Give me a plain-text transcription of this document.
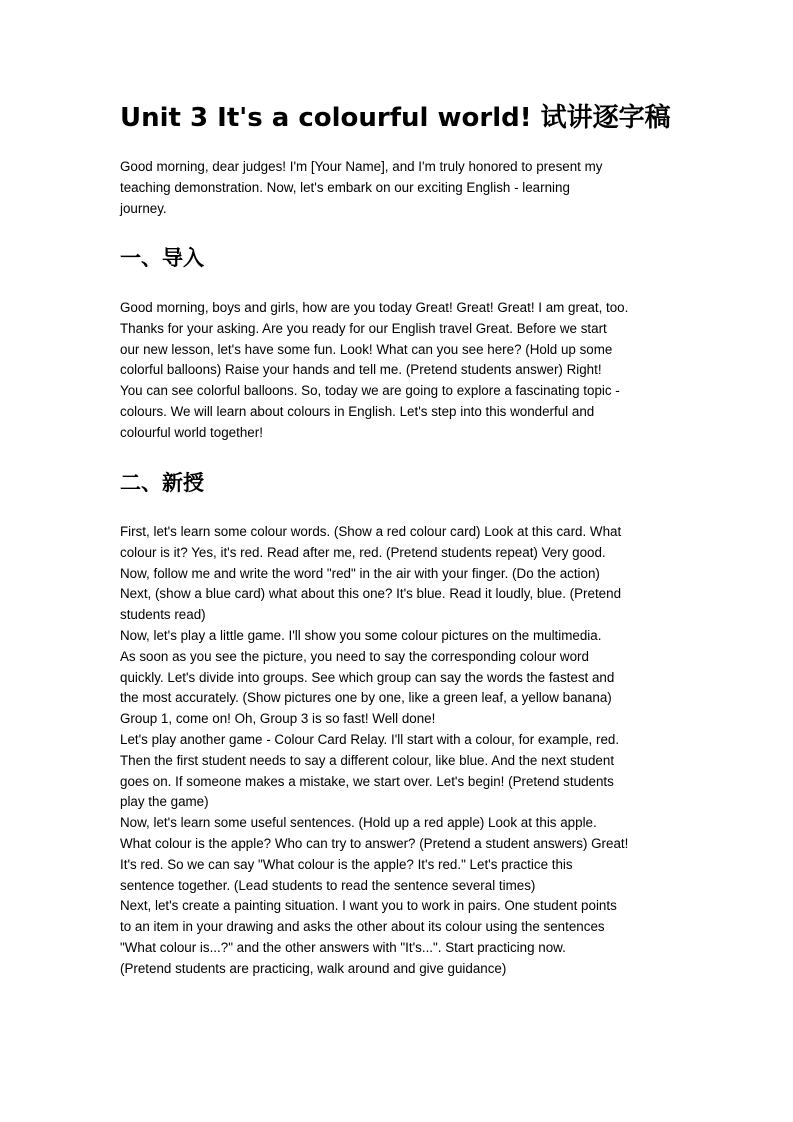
Unit 3 It's a colourful world! 试讲逐字稿
Good morning, dear judges! I'm [Your Name], and I'm truly honored to present my
teaching demonstration. Now, let's embark on our exciting English - learning
journey.
一、导入
Good morning, boys and girls, how are you today Great! Great! Great! I am great, too.
Thanks for your asking. Are you ready for our English travel Great. Before we start
our new lesson, let's have some fun. Look! What can you see here? (Hold up some
colorful balloons) Raise your hands and tell me. (Pretend students answer) Right!
You can see colorful balloons. So, today we are going to explore a fascinating topic -
colours. We will learn about colours in English. Let's step into this wonderful and
colourful world together!
二、新授
First, let's learn some colour words. (Show a red colour card) Look at this card. What
colour is it? Yes, it's red. Read after me, red. (Pretend students repeat) Very good.
Now, follow me and write the word "red" in the air with your finger. (Do the action)
Next, (show a blue card) what about this one? It's blue. Read it loudly, blue. (Pretend
students read)
Now, let's play a little game. I'll show you some colour pictures on the multimedia.
As soon as you see the picture, you need to say the corresponding colour word
quickly. Let's divide into groups. See which group can say the words the fastest and
the most accurately. (Show pictures one by one, like a green leaf, a yellow banana)
Group 1, come on! Oh, Group 3 is so fast! Well done!
Let's play another game - Colour Card Relay. I'll start with a colour, for example, red.
Then the first student needs to say a different colour, like blue. And the next student
goes on. If someone makes a mistake, we start over. Let's begin! (Pretend students
play the game)
Now, let's learn some useful sentences. (Hold up a red apple) Look at this apple.
What colour is the apple? Who can try to answer? (Pretend a student answers) Great!
It's red. So we can say "What colour is the apple? It's red." Let's practice this
sentence together. (Lead students to read the sentence several times)
Next, let's create a painting situation. I want you to work in pairs. One student points
to an item in your drawing and asks the other about its colour using the sentences
"What colour is...?" and the other answers with "It's...". Start practicing now.
(Pretend students are practicing, walk around and give guidance)
